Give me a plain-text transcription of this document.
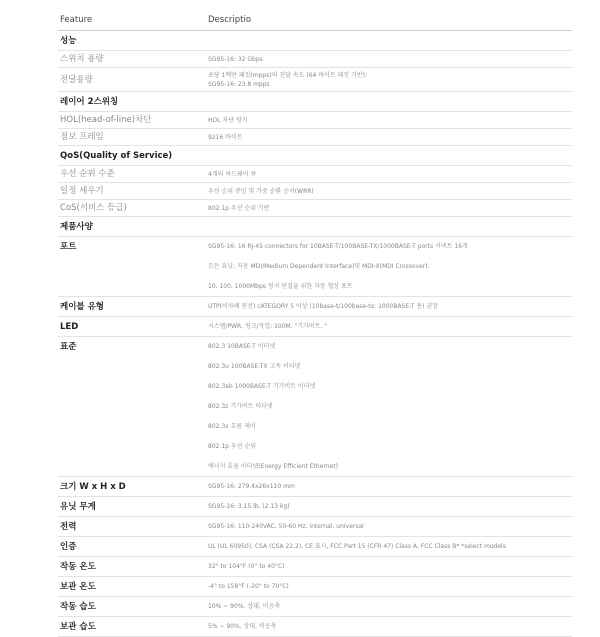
Feature	Descriptio
성능
스위치 용량	SG95-16: 32 Gbps
전달용량	초당 1백만 패킷(mpps)의 전달 속도 (64 바이트 패킷 기반):
SG95-16: 23.8 mpps
레이어 2스위칭
HOL(head-of-line)차단	HOL 차단 방지
점보 프레임	9216 바이트
QoS(Quality of Service)
우선 순위 수준	4개의 하드웨어 큐
일정 세우기	우선 순위 큐잉 및 가중 순환 순서(WRR)
CoS(서비스 등급)	802.1p 우선 순위 기반
제품사양
포트	SG95-16: 16 RJ-45 connectors for 10BASE-T/100BASE-TX/1000BASE-T ports 커넥트 16개
모든 유닛: 자동 MDI/Medium Dependent Interface)및 MDI-X(MDI Crossover).
10, 100, 1000Mbps 링치 연결을 위한 자동 협상 포트
케이블 유형	UTP(비차폐 연선) cATEGORY 5 이상 (10base-t/100base-tx: 1000BASE-T 용) 권장
LED	시스템/PWR, 링크/작업: 100M, "기가비트, "
표준	802.3 10BASE-T 이더넷
802.3u 100BASE-TX 고속 이더넷
802.3ab 1000BASE-T 기가비트 이더넷
802.3z 기가비트 이더넷
802.3x 흐름 제어
802.1p 우선 순위
에너지 효율 이더넷(Energy Efficient Ethernet)
크기 W x H x D	SG95-16: 279.4x26x110 mm
유닛 무게	SG95-16: 3.15 lb, (2.13 kg)
전력	SG95-16: 110-240VAC, 50-60 Hz, internal, universal
인증	UL (UL 60950), CSA (CSA 22.2), CE 표시, FCC Part 15 (CFR 47) Class A, FCC Class B* *select models
작동 온도	32° to 104°F (0° to 40°C)
보관 온도	-4° to 158°F (-20° to 70°C)
작동 습도	10% ~ 90%, 상대, 비응축
보관 습도	5% ~ 90%, 상대, 비응축
